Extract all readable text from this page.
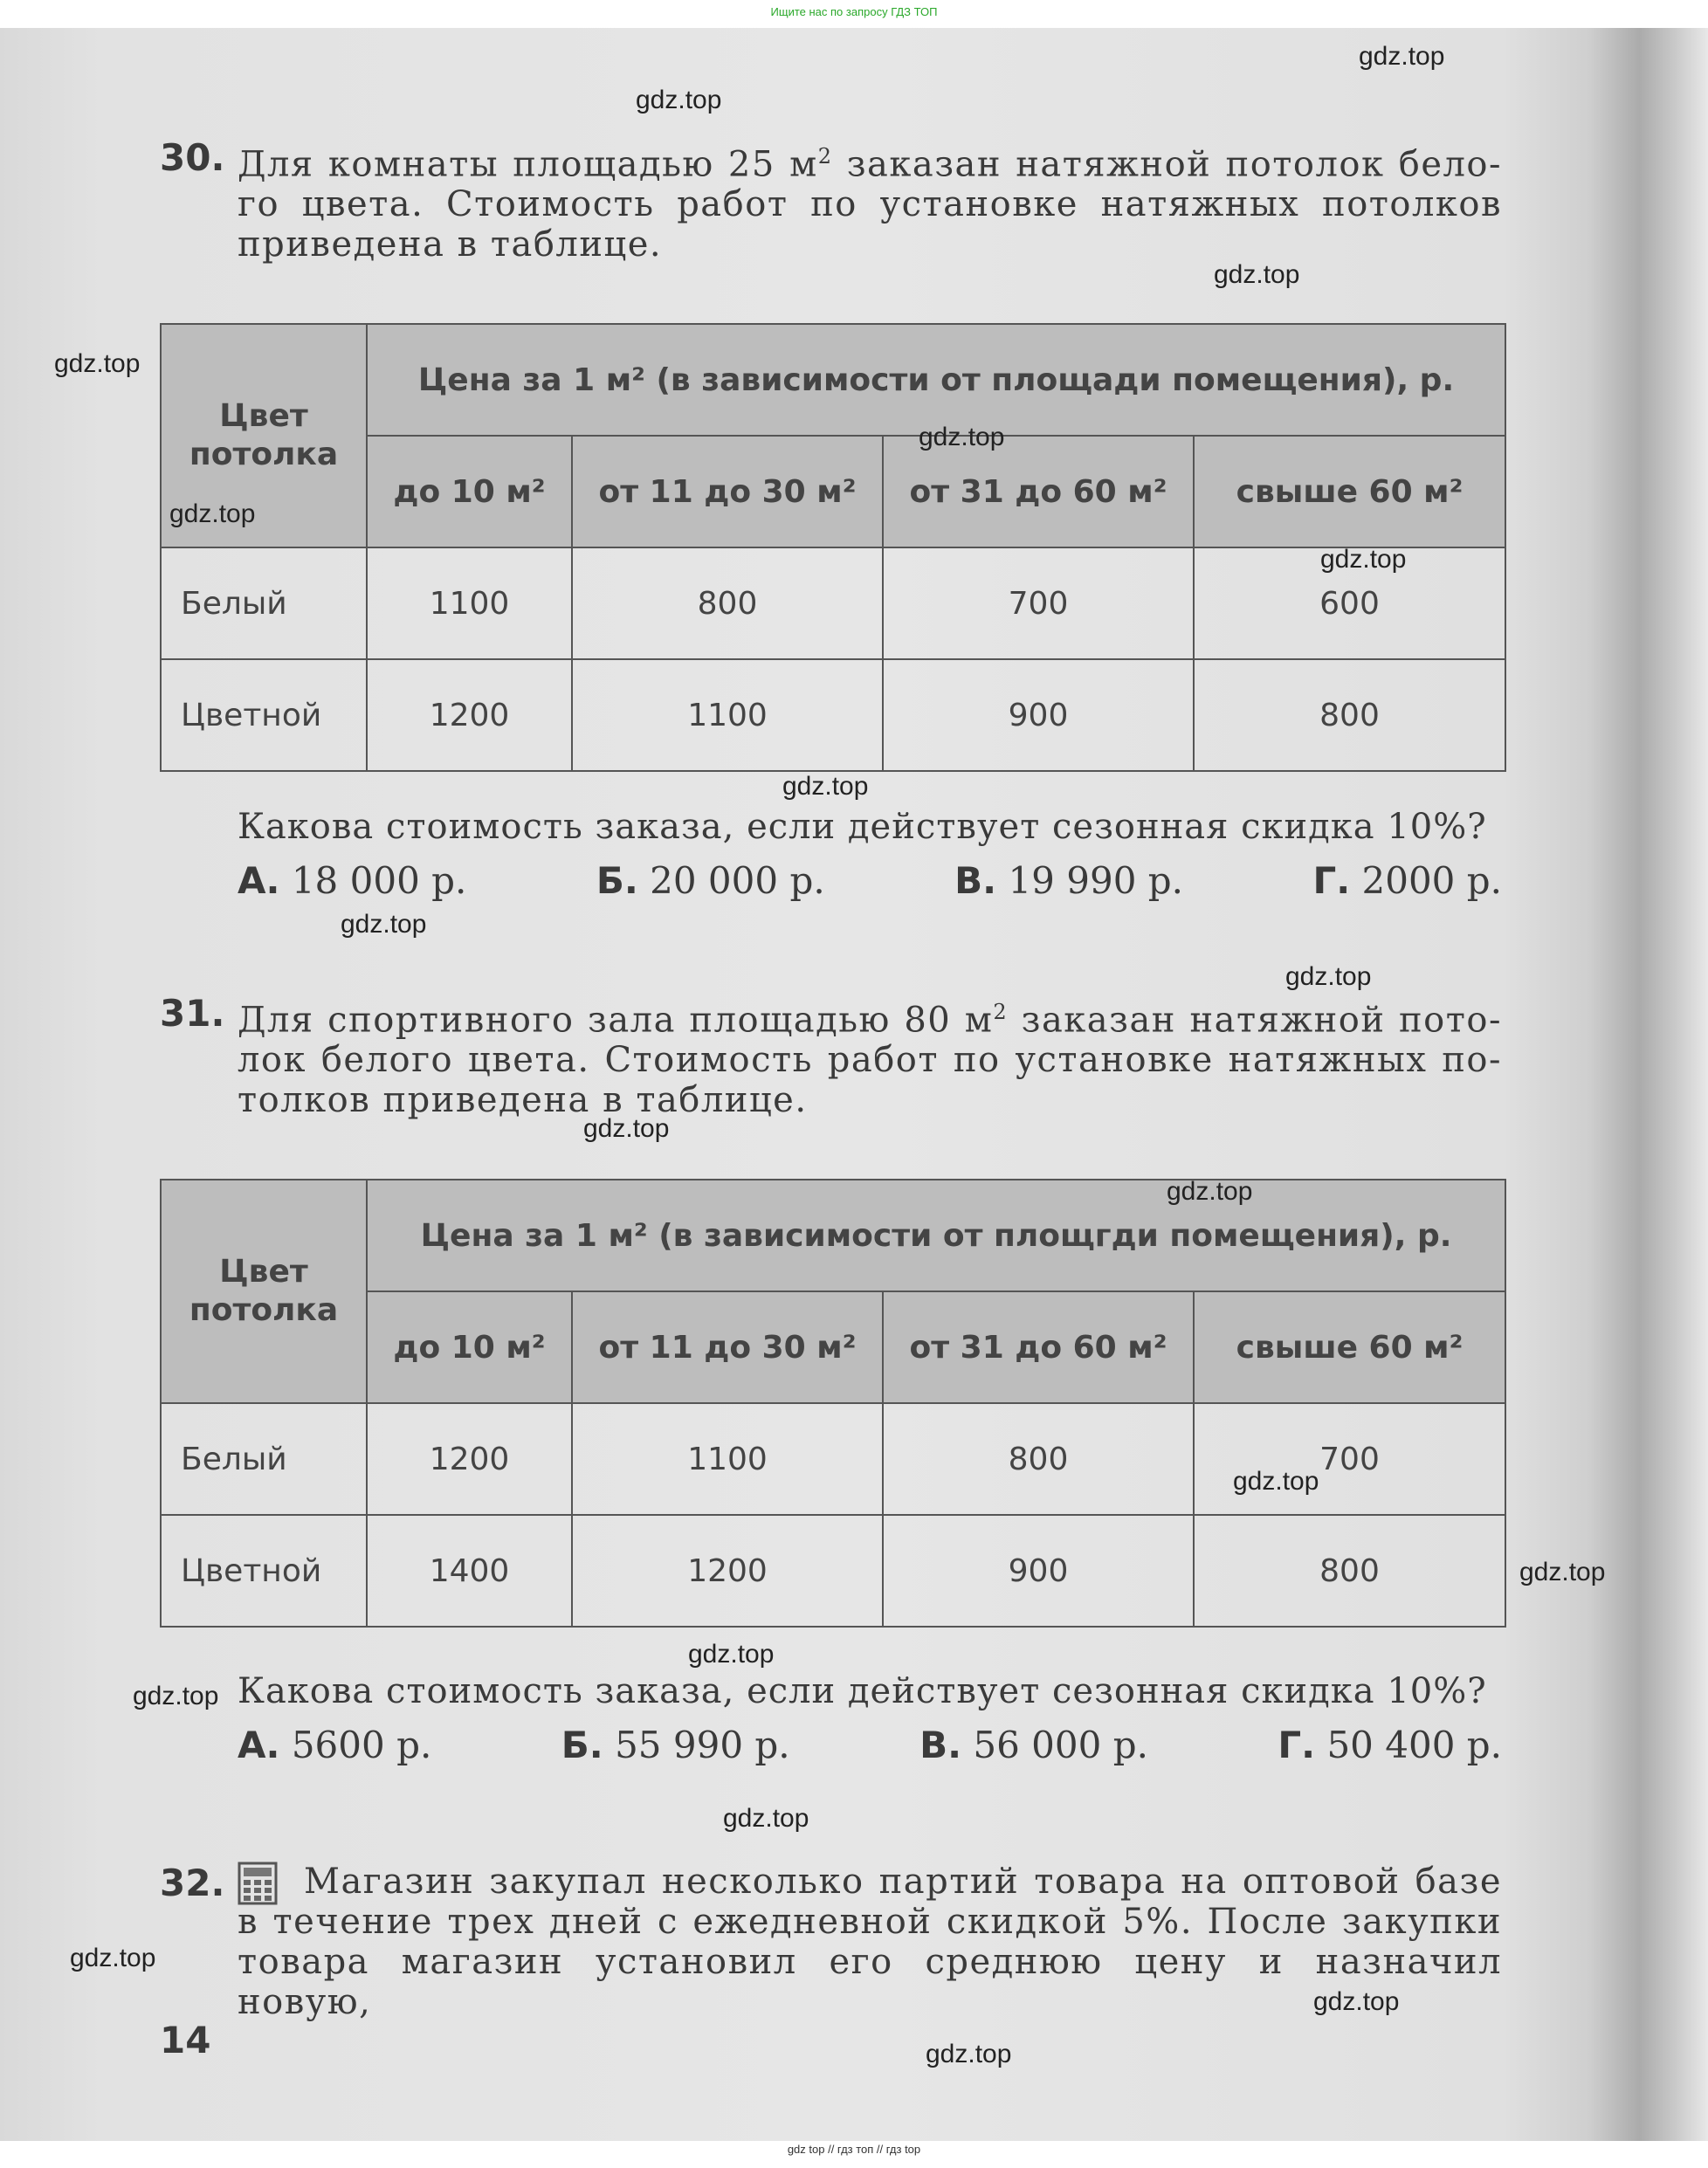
Ищите нас по запросу ГДЗ ТОП
30. Для комнаты площадью 25 $м^2$ заказан натяжной потолок бело-го цвета. Стоимость работ по установке натяжных потолков приведена в таблице.
Цвет потолка	Цена за 1 м² (в зависимости от площади помещения), р.			
	до 10 м²	от 11 до 30 м²	от 31 до 60 м²	свыше 60 м²
Белый	1100	800	700	600
Цветной	1200	1100	900	800
Какова стоимость заказа, если действует сезонная скидка 10%?
А. 18 000 р.	Б. 20 000 р.	В. 19 990 р.	Г. 2000 р.
31. Для спортивного зала площадью 80 $м^2$ заказан натяжной пото-лок белого цвета. Стоимость работ по установке натяжных по-толков приведена в таблице.
Цвет потолка	Цена за 1 м² (в зависимости от площгди помещения), р.			
	до 10 м²	от 11 до 30 м²	от 31 до 60 м²	свыше 60 м²
Белый	1200	1100	800	700
Цветной	1400	1200	900	800
Какова стоимость заказа, если действует сезонная скидка 10%?
А. 5600 р.	Б. 55 990 р.	В. 56 000 р.	Г. 50 400 р.
32.	Магазин закупал несколько партий товара на оптовой базе в течение трех дней с ежедневной скидкой 5%. После закупки товара магазин установил его среднюю цену и назначил новую,
14
gdz.top
gdz.top
gdz.top
gdz.top
gdz.top
gdz.top
gdz.top
gdz.top
gdz.top
gdz.top
gdz.top
gdz.top
gdz.top
gdz.top
gdz.top
gdz.top
gdz.top
gdz.top
gdz.top
gdz.top
gdz top // гдз топ // гдз top
